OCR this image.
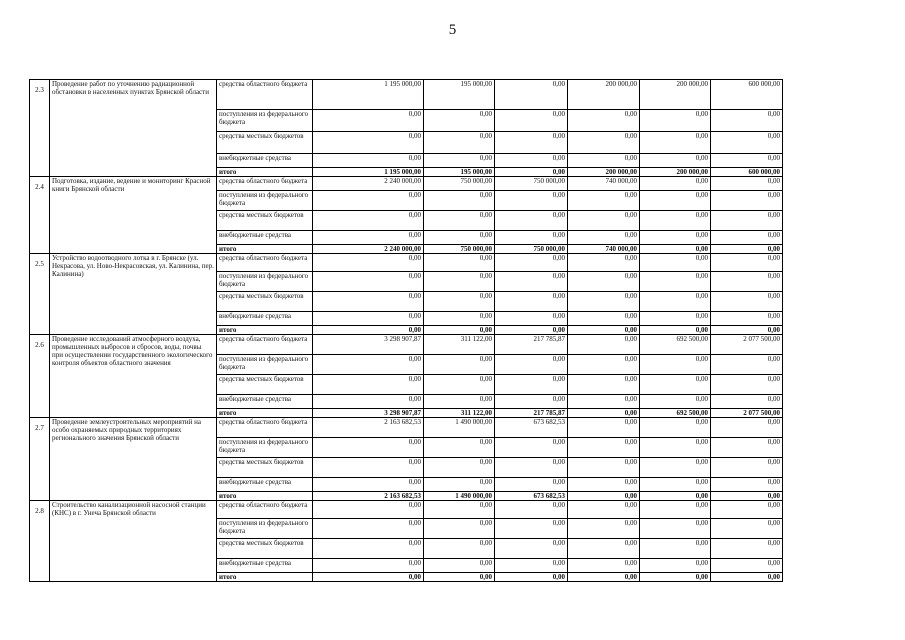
5
2.3	Проведение работ по уточнению радиационной обстановки в населенных пунктах Брянской области	средства областного бюджета	1 195 000,00	195 000,00	0,00	200 000,00	200 000,00	600 000,00
		поступления из федерального бюджета	0,00	0,00	0,00	0,00	0,00	0,00
		средства местных бюджетов	0,00	0,00	0,00	0,00	0,00	0,00
		внебюджетные средства	0,00	0,00	0,00	0,00	0,00	0,00
		итого	1 195 000,00	195 000,00	0,00	200 000,00	200 000,00	600 000,00
2.4	Подготовка, издание, ведение и мониторинг Красной книги Брянской области	средства областного бюджета	2 240 000,00	750 000,00	750 000,00	740 000,00	0,00	0,00
		поступления из федерального бюджета	0,00	0,00	0,00	0,00	0,00	0,00
		средства местных бюджетов	0,00	0,00	0,00	0,00	0,00	0,00
		внебюджетные средства	0,00	0,00	0,00	0,00	0,00	0,00
		итого	2 240 000,00	750 000,00	750 000,00	740 000,00	0,00	0,00
2.5	Устройство водоотводного лотка в г. Брянске (ул. Некрасова, ул. Ново-Некрасовская, ул. Калинина, пер. Калинина)	средства областного бюджета	0,00	0,00	0,00	0,00	0,00	0,00
		поступления из федерального бюджета	0,00	0,00	0,00	0,00	0,00	0,00
		средства местных бюджетов	0,00	0,00	0,00	0,00	0,00	0,00
		внебюджетные средства	0,00	0,00	0,00	0,00	0,00	0,00
		итого	0,00	0,00	0,00	0,00	0,00	0,00
2.6	Проведение исследований атмосферного воздуха, промышленных выбросов и сбросов, воды, почвы при осуществлении государственного экологического контроля объектов областного значения	средства областного бюджета	3 298 907,87	311 122,00	217 785,87	0,00	692 500,00	2 077 500,00
		поступления из федерального бюджета	0,00	0,00	0,00	0,00	0,00	0,00
		средства местных бюджетов	0,00	0,00	0,00	0,00	0,00	0,00
		внебюджетные средства	0,00	0,00	0,00	0,00	0,00	0,00
		итого	3 298 907,87	311 122,00	217 785,87	0,00	692 500,00	2 077 500,00
2.7	Проведение землеустроительных мероприятий на особо охраняемых природных территориях регионального значения Брянской области	средства областного бюджета	2 163 682,53	1 490 000,00	673 682,53	0,00	0,00	0,00
		поступления из федерального бюджета	0,00	0,00	0,00	0,00	0,00	0,00
		средства местных бюджетов	0,00	0,00	0,00	0,00	0,00	0,00
		внебюджетные средства	0,00	0,00	0,00	0,00	0,00	0,00
		итого	2 163 682,53	1 490 000,00	673 682,53	0,00	0,00	0,00
2.8	Строительство канализационной насосной станции (КНС) в г. Унеча Брянской области	средства областного бюджета	0,00	0,00	0,00	0,00	0,00	0,00
		поступления из федерального бюджета	0,00	0,00	0,00	0,00	0,00	0,00
		средства местных бюджетов	0,00	0,00	0,00	0,00	0,00	0,00
		внебюджетные средства	0,00	0,00	0,00	0,00	0,00	0,00
		итого	0,00	0,00	0,00	0,00	0,00	0,00
